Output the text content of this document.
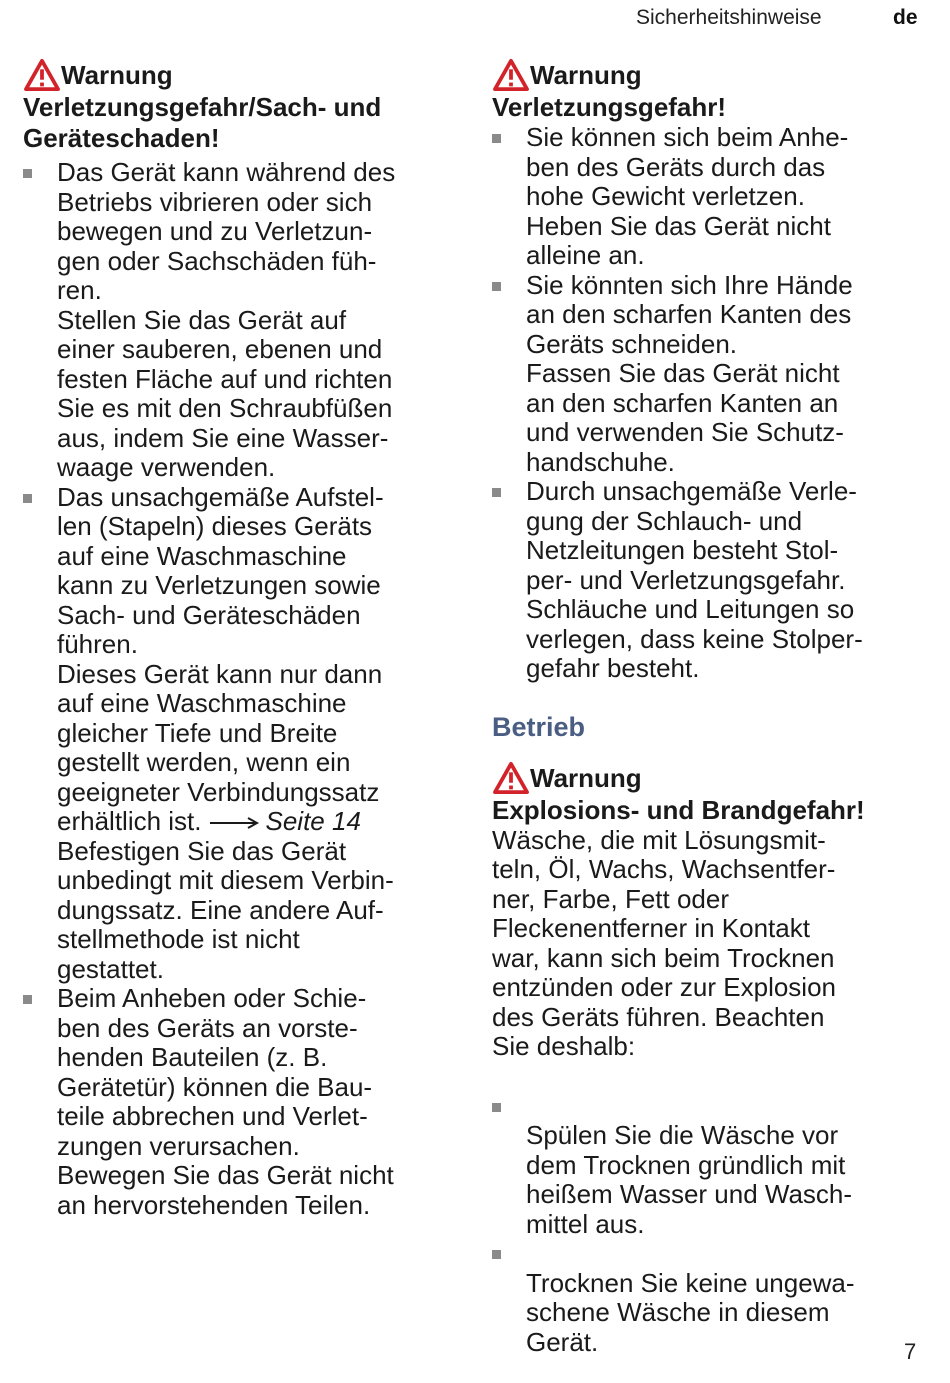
Sicherheitshinweise	de
Warnung
Verletzungsgefahr/Sach- und
Geräteschaden!
Das Gerät kann während des
Betriebs vibrieren oder sich
bewegen und zu Verletzun-
gen oder Sachschäden füh-
ren.
Stellen Sie das Gerät auf
einer sauberen, ebenen und
festen Fläche auf und richten
Sie es mit den Schraubfüßen
aus, indem Sie eine Wasser-
waage verwenden.
Das unsachgemäße Aufstel-
len (Stapeln) dieses Geräts
auf eine Waschmaschine
kann zu Verletzungen sowie
Sach- und Geräteschäden
führen.
Dieses Gerät kann nur dann
auf eine Waschmaschine
gleicher Tiefe und Breite
gestellt werden, wenn ein
geeigneter Verbindungssatz
erhältlich ist. Seite 14
Befestigen Sie das Gerät
unbedingt mit diesem Verbin-
dungssatz. Eine andere Auf-
stellmethode ist nicht
gestattet.
Beim Anheben oder Schie-
ben des Geräts an vorste-
henden Bauteilen (z. B.
Gerätetür) können die Bau-
teile abbrechen und Verlet-
zungen verursachen.
Bewegen Sie das Gerät nicht
an hervorstehenden Teilen.
Warnung
Verletzungsgefahr!
Sie können sich beim Anhe-
ben des Geräts durch das
hohe Gewicht verletzen.
Heben Sie das Gerät nicht
alleine an.
Sie könnten sich Ihre Hände
an den scharfen Kanten des
Geräts schneiden.
Fassen Sie das Gerät nicht
an den scharfen Kanten an
und verwenden Sie Schutz-
handschuhe.
Durch unsachgemäße Verle-
gung der Schlauch- und
Netzleitungen besteht Stol-
per- und Verletzungsgefahr.
Schläuche und Leitungen so
verlegen, dass keine Stolper-
gefahr besteht.
Betrieb
Warnung
Explosions- und Brandgefahr!
Wäsche, die mit Lösungsmit-
teln, Öl, Wachs, Wachsentfer-
ner, Farbe, Fett oder
Fleckenentferner in Kontakt
war, kann sich beim Trocknen
entzünden oder zur Explosion
des Geräts führen. Beachten
Sie deshalb:

Spülen Sie die Wäsche vor
dem Trocknen gründlich mit
heißem Wasser und Wasch-
mittel aus.

Trocknen Sie keine ungewa-
schene Wäsche in diesem
Gerät.	7
